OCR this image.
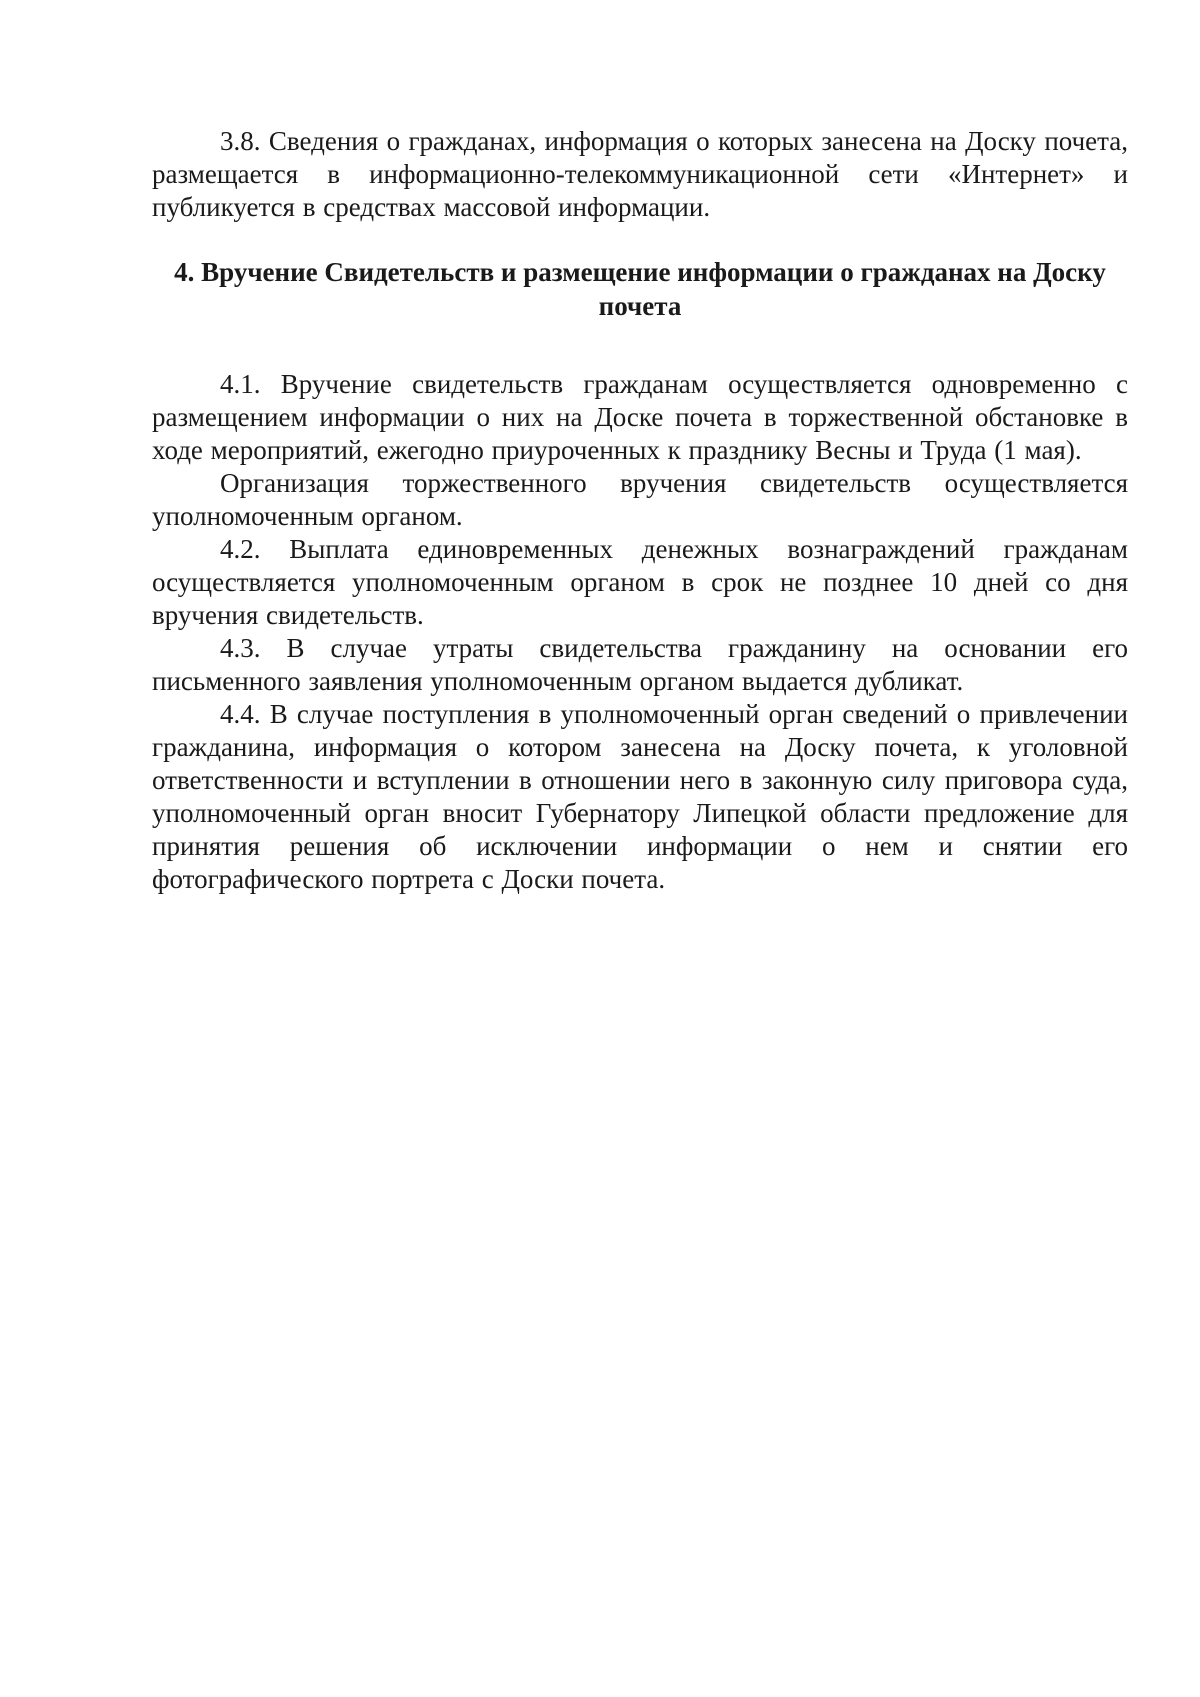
3.8. Сведения о гражданах, информация о которых занесена на Доску почета, размещается в информационно-телекоммуникационной сети «Интернет» и публикуется в средствах массовой информации.

4. Вручение Свидетельств и размещение информации о гражданах на Доску почета

4.1. Вручение свидетельств гражданам осуществляется одновременно с размещением информации о них на Доске почета в торжественной обстановке в ходе мероприятий, ежегодно приуроченных к празднику Весны и Труда (1 мая).

Организация торжественного вручения свидетельств осуществляется уполномоченным органом.

4.2. Выплата единовременных денежных вознаграждений гражданам осуществляется уполномоченным органом в срок не позднее 10 дней со дня вручения свидетельств.

4.3. В случае утраты свидетельства гражданину на основании его письменного заявления уполномоченным органом выдается дубликат.

4.4. В случае поступления в уполномоченный орган сведений о привлечении гражданина, информация о котором занесена на Доску почета, к уголовной ответственности и вступлении в отношении него в законную силу приговора суда, уполномоченный орган вносит Губернатору Липецкой области предложение для принятия решения об исключении информации о нем и снятии его фотографического портрета с Доски почета.
